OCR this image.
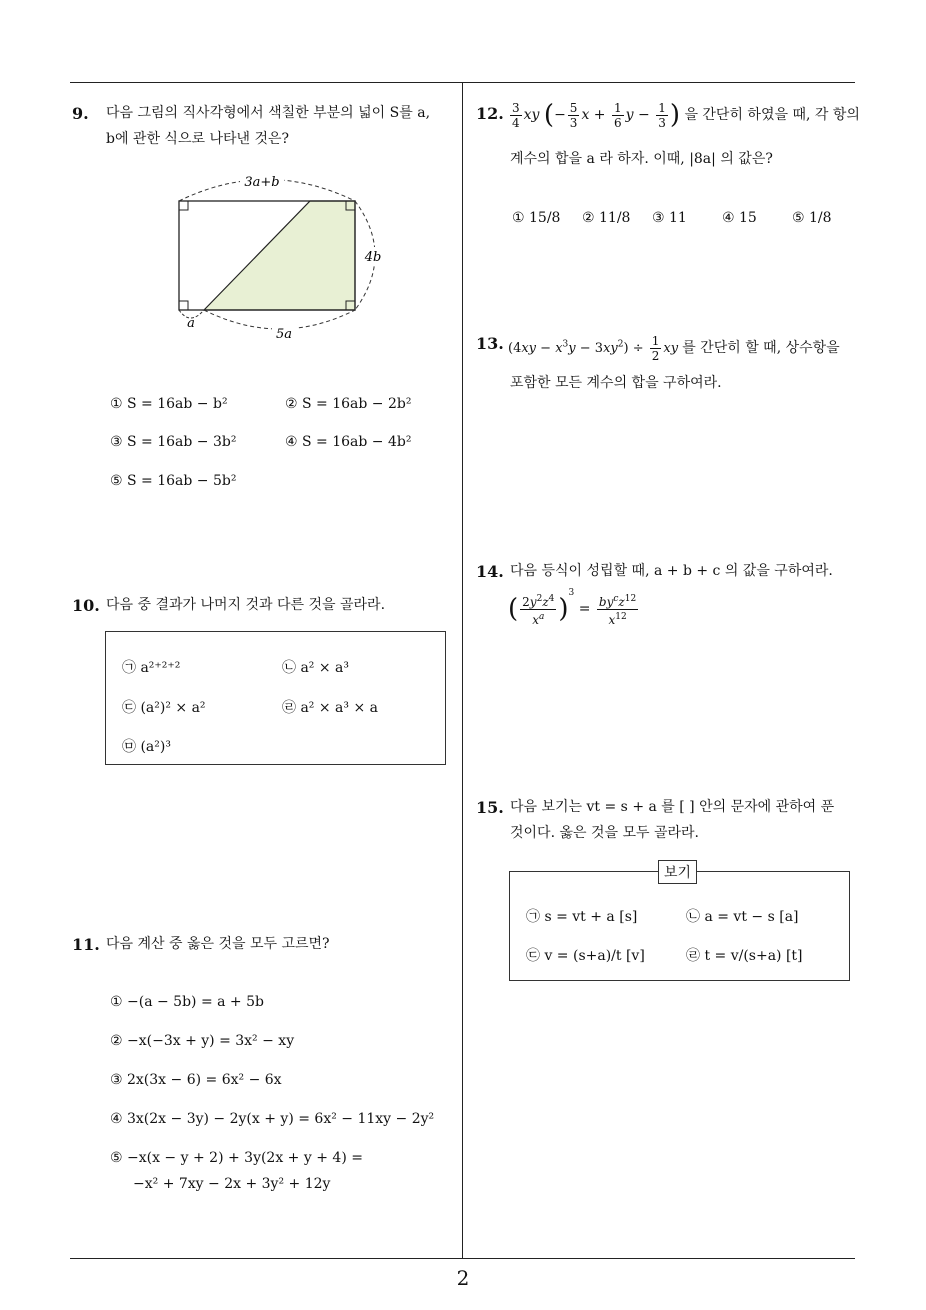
2
9. 다음 그림의 직사각형에서 색칠한 부분의 넓이 S를 a,
b에 관한 식으로 나타낸 것은?
3a+b
4b
5a
a
① S = 16ab − b²	② S = 16ab − 2b²
③ S = 16ab − 3b²	④ S = 16ab − 4b²
⑤ S = 16ab − 5b²
10. 다음 중 결과가 나머지 것과 다른 것을 골라라.
㉠ a²⁺²⁺²	㉡ a² × a³
㉢ (a²)² × a²	㉣ a² × a³ × a
㉤ (a²)³
11. 다음 계산 중 옳은 것을 모두 고르면?
① −(a − 5b) = a + 5b
② −x(−3x + y) = 3x² − xy
③ 2x(3x − 6) = 6x² − 6x
④ 3x(2x − 3y) − 2y(x + y) = 6x² − 11xy − 2y²
⑤ −x(x − y + 2) + 3y(2x + y + 4) =
−x² + 7xy − 2x + 3y² + 12y
12. $\frac{3}{4}$ xy (− $\frac{5}{3}$ $x + \frac{1}{6}$ $y - \frac{1}{3}$ ) 을 간단히 하였을 때, 각 항의
계수의 합을 a 라 하자. 이때, |8a| 의 값은?
① 15/8 ② 11/8 ③ 11	④ 15	⑤ 1/8
13. $(4xy - x^3y - 3xy^2) \div \frac{1}{2}$ xy 를 간단히 할 때, 상수항을
포함한 모든 계수의 합을 구하여라.
14. 다음 등식이 성립할 때, a + b + c 의 값을 구하여라.
( $\frac{2y^2z^4}{x^a} )^3 = \frac{by^cz^{12}}{x^{12}}$
15. 다음 보기는 vt = s + a 를 [ ] 안의 문자에 관하여 푼
것이다. 옳은 것을 모두 골라라.
보기
㉠ s = vt + a [s]	㉡ a = vt − s [a]
㉢ v = (s+a)/t [v]	㉣ t = v/(s+a) [t]
